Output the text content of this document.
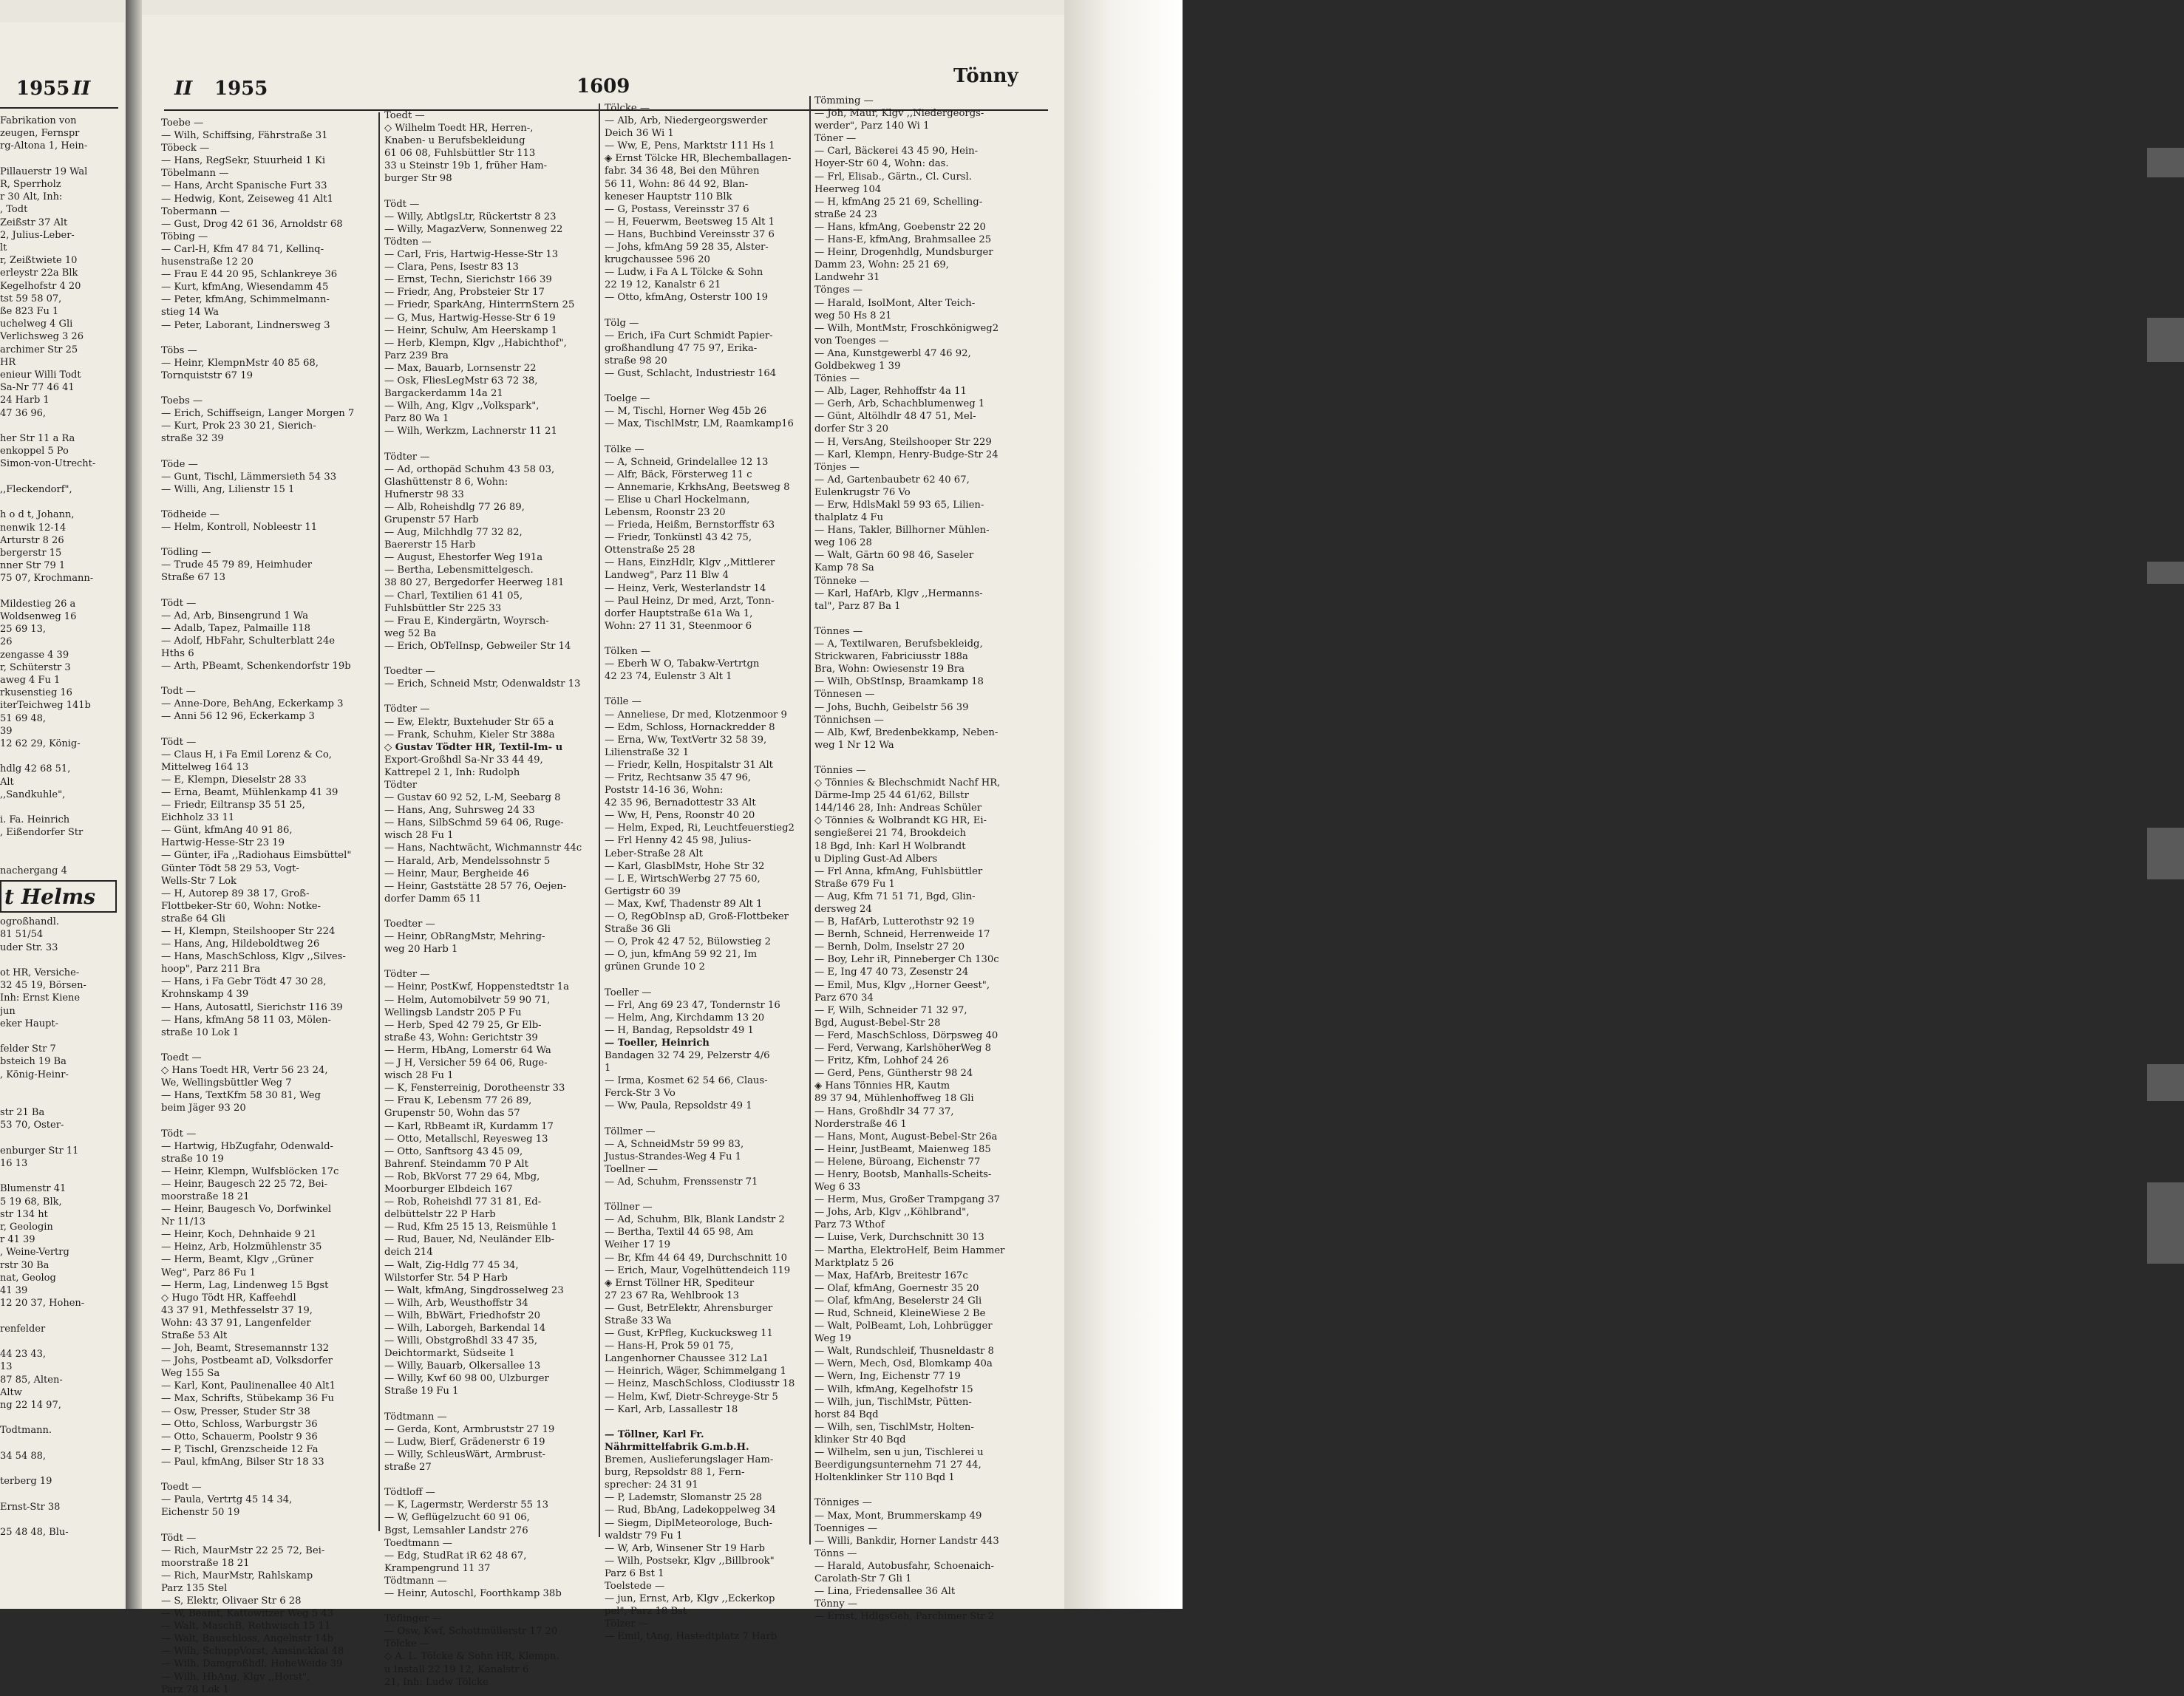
1955 II
Fabrikation von
zeugen, Fernspr
rg-Altona 1, Hein-

Pillauerstr 19 Wal
R, Sperrholz
r 30 Alt, Inh:
, Todt
Zeißstr 37 Alt
2, Julius-Leber-
lt
r, Zeißtwiete 10
erleystr 22a Blk
Kegelhofstr 4 20
tst 59 58 07,
ße 823 Fu 1
uchelweg 4 Gli
Verlichsweg 3 26
archimer Str 25
HR
enieur Willi Todt
Sa-Nr 77 46 41
24 Harb 1
47 36 96,

her Str 11 a Ra
enkoppel 5 Po
Simon-von-Utrecht-

,,Fleckendorf",

h o d t, Johann,
nenwik 12-14
Arturstr 8 26
bergerstr 15
nner Str 79 1
75 07, Krochmann-

Mildestieg 26 a
Woldsenweg 16
25 69 13,
26
zengasse 4 39
r, Schüterstr 3
aweg 4 Fu 1
rkusenstieg 16
iterTeichweg 141b
51 69 48,
39
12 62 29, König-

hdlg 42 68 51,
Alt
,,Sandkuhle",

i. Fa. Heinrich
, Eißendorfer Str

nachergang 4
t Helms
ogroßhandl.
81 51/54
uder Str. 33

ot HR, Versiche-
32 45 19, Börsen-
Inh: Ernst Kiene
jun
eker Haupt-

felder Str 7
bsteich 19 Ba
, König-Heinr-

str 21 Ba
53 70, Oster-

enburger Str 11
16 13

Blumenstr 41
5 19 68, Blk,
str 134 ht
r, Geologin
r 41 39
, Weine-Vertrg
rstr 30 Ba
nat, Geolog
41 39
12 20 37, Hohen-

renfelder

44 23 43,
13
87 85, Alten-
Altw
ng 22 14 97,

Todtmann.

34 54 88,

terberg 19

Ernst-Str 38

25 48 48, Blu-
II 1955	1609	Tönny
Toebe —
— Wilh, Schiffsing, Fährstraße 31
Töbeck —
— Hans, RegSekr, Stuurheid 1 Ki
Töbelmann —
— Hans, Archt Spanische Furt 33
— Hedwig, Kont, Zeiseweg 41 Alt1
Tobermann —
— Gust, Drog 42 61 36, Arnoldstr 68
Töbing —
— Carl-H, Kfm 47 84 71, Kellinq-
husenstraße 12 20
— Frau E 44 20 95, Schlankreye 36
— Kurt, kfmAng, Wiesendamm 45
— Peter, kfmAng, Schimmelmann-
stieg 14 Wa
— Peter, Laborant, Lindnersweg 3

Töbs —
— Heinr, KlempnMstr 40 85 68,
Tornquiststr 67 19

Toebs —
— Erich, Schiffseign, Langer Morgen 7
— Kurt, Prok 23 30 21, Sierich-
straße 32 39

Töde —
— Gunt, Tischl, Lämmersieth 54 33
— Willi, Ang, Lilienstr 15 1

Tödheide —
— Helm, Kontroll, Nobleestr 11

Tödling —
— Trude 45 79 89, Heimhuder
Straße 67 13

Tödt —
— Ad, Arb, Binsengrund 1 Wa
— Adalb, Tapez, Palmaille 118
— Adolf, HbFahr, Schulterblatt 24e
Hths 6
— Arth, PBeamt, Schenkendorfstr 19b

Todt —
— Anne-Dore, BehAng, Eckerkamp 3
— Anni 56 12 96, Eckerkamp 3

Tödt —
— Claus H, i Fa Emil Lorenz & Co,
Mittelweg 164 13
— E, Klempn, Dieselstr 28 33
— Erna, Beamt, Mühlenkamp 41 39
— Friedr, Eiltransp 35 51 25,
Eichholz 33 11
— Günt, kfmAng 40 91 86,
Hartwig-Hesse-Str 23 19
— Günter, iFa ,,Radiohaus Eimsbüttel"
Günter Tödt 58 29 53, Vogt-
Wells-Str 7 Lok
— H, Autorep 89 38 17, Groß-
Flottbeker-Str 60, Wohn: Notke-
straße 64 Gli
— H, Klempn, Steilshooper Str 224
— Hans, Ang, Hildeboldtweg 26
— Hans, MaschSchloss, Klgv ,,Silves-
hoop", Parz 211 Bra
— Hans, i Fa Gebr Tödt 47 30 28,
Krohnskamp 4 39
— Hans, Autosattl, Sierichstr 116 39
— Hans, kfmAng 58 11 03, Mölen-
straße 10 Lok 1

Toedt —
◇ Hans Toedt HR, Vertr 56 23 24,
We, Wellingsbüttler Weg 7
— Hans, TextKfm 58 30 81, Weg
beim Jäger 93 20

Tödt —
— Hartwig, HbZugfahr, Odenwald-
straße 10 19
— Heinr, Klempn, Wulfsblöcken 17c
— Heinr, Baugesch 22 25 72, Bei-
moorstraße 18 21
— Heinr, Baugesch Vo, Dorfwinkel
Nr 11/13
— Heinr, Koch, Dehnhaide 9 21
— Heinz, Arb, Holzmühlenstr 35
— Herm, Beamt, Klgv ,,Grüner
Weg", Parz 86 Fu 1
— Herm, Lag, Lindenweg 15 Bgst
◇ Hugo Tödt HR, Kaffeehdl
43 37 91, Methfesselstr 37 19,
Wohn: 43 37 91, Langenfelder
Straße 53 Alt
— Joh, Beamt, Stresemannstr 132
— Johs, Postbeamt aD, Volksdorfer
Weg 155 Sa
— Karl, Kont, Paulinenallee 40 Alt1
— Max, Schrifts, Stübekamp 36 Fu
— Osw, Presser, Studer Str 38
— Otto, Schloss, Warburgstr 36
— Otto, Schauerm, Poolstr 9 36
— P, Tischl, Grenzscheide 12 Fa
— Paul, kfmAng, Bilser Str 18 33

Toedt —
— Paula, Vertrtg 45 14 34,
Eichenstr 50 19

Tödt —
— Rich, MaurMstr 22 25 72, Bei-
moorstraße 18 21
— Rich, MaurMstr, Rahlskamp
Parz 135 Stel
— S, Elektr, Olivaer Str 6 28
— W, Beamt, Kattowitzer Weg 5 43
— Walt, MaschB, Rethwisch 15 11
— Walt, Bauschloss, Angelnstr 14b
— Wilh, SchuppVorst, Amsinckkai 48
— Wilh, Damgroßhdl, HoheWeide 39
— Wilh, HbAng, Klgv ,,Horst",
Parz 78 Lok 1
Toedt —
◇ Wilhelm Toedt HR, Herren-,
Knaben- u Berufsbekleidung
61 06 08, Fuhlsbüttler Str 113
33 u Steinstr 19b 1, früher Ham-
burger Str 98

Tödt —
— Willy, AbtlgsLtr, Rückertstr 8 23
— Willy, MagazVerw, Sonnenweg 22
Tödten —
— Carl, Fris, Hartwig-Hesse-Str 13
— Clara, Pens, Isestr 83 13
— Ernst, Techn, Sierichstr 166 39
— Friedr, Ang, Probsteier Str 17
— Friedr, SparkAng, HinterrnStern 25
— G, Mus, Hartwig-Hesse-Str 6 19
— Heinr, Schulw, Am Heerskamp 1
— Herb, Klempn, Klgv ,,Habichthof",
Parz 239 Bra
— Max, Bauarb, Lornsenstr 22
— Osk, FliesLegMstr 63 72 38,
Bargackerdamm 14a 21
— Wilh, Ang, Klgv ,,Volkspark",
Parz 80 Wa 1
— Wilh, Werkzm, Lachnerstr 11 21

Tödter —
— Ad, orthopäd Schuhm 43 58 03,
Glashüttenstr 8 6, Wohn:
Hufnerstr 98 33
— Alb, Roheishdlg 77 26 89,
Grupenstr 57 Harb
— Aug, Milchhdlg 77 32 82,
Baererstr 15 Harb
— August, Ehestorfer Weg 191a
— Bertha, Lebensmittelgesch.
38 80 27, Bergedorfer Heerweg 181
— Charl, Textilien 61 41 05,
Fuhlsbüttler Str 225 33
— Frau E, Kindergärtn, Woyrsch-
weg 52 Ba
— Erich, ObTelInsp, Gebweiler Str 14

Toedter —
— Erich, Schneid Mstr, Odenwaldstr 13

Tödter —
— Ew, Elektr, Buxtehuder Str 65 a
— Frank, Schuhm, Kieler Str 388a
◇ Gustav Tödter HR, Textil-Im- u
Export-Großhdl Sa-Nr 33 44 49,
Kattrepel 2 1, Inh: Rudolph
Tödter
— Gustav 60 92 52, L-M, Seebarg 8
— Hans, Ang, Suhrsweg 24 33
— Hans, SilbSchmd 59 64 06, Ruge-
wisch 28 Fu 1
— Hans, Nachtwächt, Wichmannstr 44c
— Harald, Arb, Mendelssohnstr 5
— Heinr, Maur, Bergheide 46
— Heinr, Gaststätte 28 57 76, Oejen-
dorfer Damm 65 11

Toedter —
— Heinr, ObRangMstr, Mehring-
weg 20 Harb 1

Tödter —
— Heinr, PostKwf, Hoppenstedtstr 1a
— Helm, Automobilvetr 59 90 71,
Wellingsb Landstr 205 P Fu
— Herb, Sped 42 79 25, Gr Elb-
straße 43, Wohn: Gerichtstr 39
— Herm, HbAng, Lomerstr 64 Wa
— J H, Versicher 59 64 06, Ruge-
wisch 28 Fu 1
— K, Fensterreinig, Dorotheenstr 33
— Frau K, Lebensm 77 26 89,
Grupenstr 50, Wohn das 57
— Karl, RbBeamt iR, Kurdamm 17
— Otto, Metallschl, Reyesweg 13
— Otto, Sanftsorg 43 45 09,
Bahrenf. Steindamm 70 P Alt
— Rob, BkVorst 77 29 64, Mbg,
Moorburger Elbdeich 167
— Rob, Roheishdl 77 31 81, Ed-
delbüttelstr 22 P Harb
— Rud, Kfm 25 15 13, Reismühle 1
— Rud, Bauer, Nd, Neuländer Elb-
deich 214
— Walt, Zig-Hdlg 77 45 34,
Wilstorfer Str. 54 P Harb
— Walt, kfmAng, Singdrosselweg 23
— Wilh, Arb, Weusthoffstr 34
— Wilh, BbWärt, Friedhofstr 20
— Wilh, Laborgeh, Barkendal 14
— Willi, Obstgroßhdl 33 47 35,
Deichtormarkt, Südseite 1
— Willy, Bauarb, Olkersallee 13
— Willy, Kwf 60 98 00, Ulzburger
Straße 19 Fu 1

Tödtmann —
— Gerda, Kont, Armbruststr 27 19
— Ludw, Bierf, Grädenerstr 6 19
— Willy, SchleusWärt, Armbrust-
straße 27

Tödtloff —
— K, Lagermstr, Werderstr 55 13
— W, Geflügelzucht 60 91 06,
Bgst, Lemsahler Landstr 276
Toedtmann —
— Edg, StudRat iR 62 48 67,
Krampengrund 11 37
Tödtmann —
— Heinr, Autoschl, Foorthkamp 38b

Töflinger —
— Osw, Kwf, Schottmüllerstr 17 20
Tölcke —
◇ A. L. Tölcke & Sohn HR, Klempn.
u Install 22 19 12, Kanalstr 6
21, Inh: Ludw Tölcke
Tölcke —
— Alb, Arb, Niedergeorgswerder
Deich 36 Wi 1
— Ww, E, Pens, Marktstr 111 Hs 1
◈ Ernst Tölcke HR, Blechemballagen-
fabr. 34 36 48, Bei den Mühren
56 11, Wohn: 86 44 92, Blan-
keneser Hauptstr 110 Blk
— G, Postass, Vereinsstr 37 6
— H, Feuerwm, Beetsweg 15 Alt 1
— Hans, Buchbind Vereinsstr 37 6
— Johs, kfmAng 59 28 35, Alster-
krugchaussee 596 20
— Ludw, i Fa A L Tölcke & Sohn
22 19 12, Kanalstr 6 21
— Otto, kfmAng, Osterstr 100 19

Tölg —
— Erich, iFa Curt Schmidt Papier-
großhandlung 47 75 97, Erika-
straße 98 20
— Gust, Schlacht, Industriestr 164

Toelge —
— M, Tischl, Horner Weg 45b 26
— Max, TischlMstr, LM, Raamkamp16

Tölke —
— A, Schneid, Grindelallee 12 13
— Alfr, Bäck, Försterweg 11 c
— Annemarie, KrkhsAng, Beetsweg 8
— Elise u Charl Hockelmann,
Lebensm, Roonstr 23 20
— Frieda, Heißm, Bernstorffstr 63
— Friedr, Tonkünstl 43 42 75,
Ottenstraße 25 28
— Hans, EinzHdlr, Klgv ,,Mittlerer
Landweg", Parz 11 Blw 4
— Heinz, Verk, Westerlandstr 14
— Paul Heinz, Dr med, Arzt, Tonn-
dorfer Hauptstraße 61a Wa 1,
Wohn: 27 11 31, Steenmoor 6

Tölken —
— Eberh W O, Tabakw-Vertrtgn
42 23 74, Eulenstr 3 Alt 1

Tölle —
— Anneliese, Dr med, Klotzenmoor 9
— Edm, Schloss, Hornackredder 8
— Erna, Ww, TextVertr 32 58 39,
Lilienstraße 32 1
— Friedr, Kelln, Hospitalstr 31 Alt
— Fritz, Rechtsanw 35 47 96,
Poststr 14-16 36, Wohn:
42 35 96, Bernadottestr 33 Alt
— Ww, H, Pens, Roonstr 40 20
— Helm, Exped, Ri, Leuchtfeuerstieg2
— Frl Henny 42 45 98, Julius-
Leber-Straße 28 Alt
— Karl, GlasblMstr, Hohe Str 32
— L E, WirtschWerbg 27 75 60,
Gertigstr 60 39
— Max, Kwf, Thadenstr 89 Alt 1
— O, RegObInsp aD, Groß-Flottbeker
Straße 36 Gli
— O, Prok 42 47 52, Bülowstieg 2
— O, jun, kfmAng 59 92 21, Im
grünen Grunde 10 2

Toeller —
— Frl, Ang 69 23 47, Tondernstr 16
— Helm, Ang, Kirchdamm 13 20
— H, Bandag, Repsoldstr 49 1
— Toeller, Heinrich
Bandagen 32 74 29, Pelzerstr 4/6
1
— Irma, Kosmet 62 54 66, Claus-
Ferck-Str 3 Vo
— Ww, Paula, Repsoldstr 49 1

Töllmer —
— A, SchneidMstr 59 99 83,
Justus-Strandes-Weg 4 Fu 1
Toellner —
— Ad, Schuhm, Frenssenstr 71

Töllner —
— Ad, Schuhm, Blk, Blank Landstr 2
— Bertha, Textil 44 65 98, Am
Weiher 17 19
— Br, Kfm 44 64 49, Durchschnitt 10
— Erich, Maur, Vogelhüttendeich 119
◈ Ernst Töllner HR, Spediteur
27 23 67 Ra, Wehlbrook 13
— Gust, BetrElektr, Ahrensburger
Straße 33 Wa
— Gust, KrPfleg, Kuckucksweg 11
— Hans-H, Prok 59 01 75,
Langenhorner Chaussee 312 La1
— Heinrich, Wäger, Schimmelgang 1
— Heinz, MaschSchloss, Clodiusstr 18
— Helm, Kwf, Dietr-Schreyge-Str 5
— Karl, Arb, Lassallestr 18

— Töllner, Karl Fr.
Nährmittelfabrik G.m.b.H.
Bremen, Auslieferungslager Ham-
burg, Repsoldstr 88 1, Fern-
sprecher: 24 31 91
— P, Lademstr, Slomanstr 25 28
— Rud, BbAng, Ladekoppelweg 34
— Siegm, DiplMeteorologe, Buch-
waldstr 79 Fu 1
— W, Arb, Winsener Str 19 Harb
— Wilh, Postsekr, Klgv ,,Billbrook"
Parz 6 Bst 1
Toelstede —
— jun, Ernst, Arb, Klgv ,,Eckerkop
pel", Parz 18 Bst
Tölzer —
— Emil, tAng, Hastedtplatz 7 Harb
Tömming —
— Joh, Maur, Klgv ,,Niedergeorgs-
werder", Parz 140 Wi 1
Töner —
— Carl, Bäckerei 43 45 90, Hein-
Hoyer-Str 60 4, Wohn: das.
— Frl, Elisab., Gärtn., Cl. Cursl.
Heerweg 104
— H, kfmAng 25 21 69, Schelling-
straße 24 23
— Hans, kfmAng, Goebenstr 22 20
— Hans-E, kfmAng, Brahmsallee 25
— Heinr, Drogenhdlg, Mundsburger
Damm 23, Wohn: 25 21 69,
Landwehr 31
Tönges —
— Harald, IsolMont, Alter Teich-
weg 50 Hs 8 21
— Wilh, MontMstr, Froschkönigweg2
von Toenges —
— Ana, Kunstgewerbl 47 46 92,
Goldbekweg 1 39
Tönies —
— Alb, Lager, Rehhoffstr 4a 11
— Gerh, Arb, Schachblumenweg 1
— Günt, Altölhdlr 48 47 51, Mel-
dorfer Str 3 20
— H, VersAng, Steilshooper Str 229
— Karl, Klempn, Henry-Budge-Str 24
Tönjes —
— Ad, Gartenbaubetr 62 40 67,
Eulenkrugstr 76 Vo
— Erw, HdlsMakl 59 93 65, Lilien-
thalplatz 4 Fu
— Hans, Takler, Billhorner Mühlen-
weg 106 28
— Walt, Gärtn 60 98 46, Saseler
Kamp 78 Sa
Tönneke —
— Karl, HafArb, Klgv ,,Hermanns-
tal", Parz 87 Ba 1

Tönnes —
— A, Textilwaren, Berufsbekleidg,
Strickwaren, Fabriciusstr 188a
Bra, Wohn: Owiesenstr 19 Bra
— Wilh, ObStInsp, Braamkamp 18
Tönnesen —
— Johs, Buchh, Geibelstr 56 39
Tönnichsen —
— Alb, Kwf, Bredenbekkamp, Neben-
weg 1 Nr 12 Wa

Tönnies —
◇ Tönnies & Blechschmidt Nachf HR,
Därme-Imp 25 44 61/62, Billstr
144/146 28, Inh: Andreas Schüler
◇ Tönnies & Wolbrandt KG HR, Ei-
sengießerei 21 74, Brookdeich
18 Bgd, Inh: Karl H Wolbrandt
u Dipling Gust-Ad Albers
— Frl Anna, kfmAng, Fuhlsbüttler
Straße 679 Fu 1
— Aug, Kfm 71 51 71, Bgd, Glin-
dersweg 24
— B, HafArb, Lutterothstr 92 19
— Bernh, Schneid, Herrenweide 17
— Bernh, Dolm, Inselstr 27 20
— Boy, Lehr iR, Pinneberger Ch 130c
— E, Ing 47 40 73, Zesenstr 24
— Emil, Mus, Klgv ,,Horner Geest",
Parz 670 34
— F, Wilh, Schneider 71 32 97,
Bgd, August-Bebel-Str 28
— Ferd, MaschSchloss, Dörpsweg 40
— Ferd, Verwang, KarlshöherWeg 8
— Fritz, Kfm, Lohhof 24 26
— Gerd, Pens, Güntherstr 98 24
◈ Hans Tönnies HR, Kautm
89 37 94, Mühlenhoffweg 18 Gli
— Hans, Großhdlr 34 77 37,
Norderstraße 46 1
— Hans, Mont, August-Bebel-Str 26a
— Heinr, JustBeamt, Maienweg 185
— Helene, Büroang, Eichenstr 77
— Henry, Bootsb, Manhalls-Scheits-
Weg 6 33
— Herm, Mus, Großer Trampgang 37
— Johs, Arb, Klgv ,,Köhlbrand",
Parz 73 Wthof
— Luise, Verk, Durchschnitt 30 13
— Martha, ElektroHelf, Beim Hammer
Marktplatz 5 26
— Max, HafArb, Breitestr 167c
— Olaf, kfmAng, Goernestr 35 20
— Olaf, kfmAng, Beselerstr 24 Gli
— Rud, Schneid, KleineWiese 2 Be
— Walt, PolBeamt, Loh, Lohbrügger
Weg 19
— Walt, Rundschleif, Thusneldastr 8
— Wern, Mech, Osd, Blomkamp 40a
— Wern, Ing, Eichenstr 77 19
— Wilh, kfmAng, Kegelhofstr 15
— Wilh, jun, TischlMstr, Pütten-
horst 84 Bqd
— Wilh, sen, TischlMstr, Holten-
klinker Str 40 Bqd
— Wilhelm, sen u jun, Tischlerei u
Beerdigungsunternehm 71 27 44,
Holtenklinker Str 110 Bqd 1

Tönniges —
— Max, Mont, Brummerskamp 49
Toenniges —
— Willi, Bankdir, Horner Landstr 443
Tönns —
— Harald, Autobusfahr, Schoenaich-
Carolath-Str 7 Gli 1
— Lina, Friedensallee 36 Alt
Tönny —
— Ernst, HdlgsGeh, Parchimer Str 2
